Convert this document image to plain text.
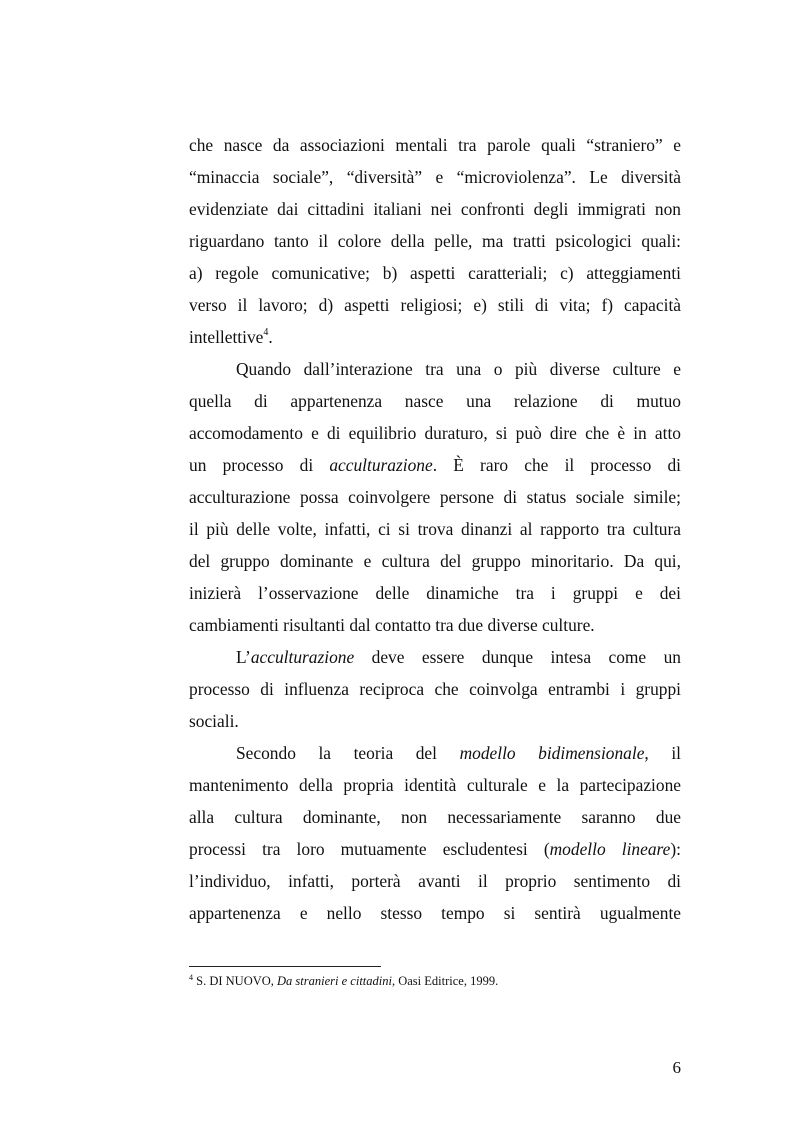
che nasce da associazioni mentali tra parole quali “straniero” e
“minaccia sociale”, “diversità” e “microviolenza”. Le diversità
evidenziate dai cittadini italiani nei confronti degli immigrati non
riguardano tanto il colore della pelle, ma tratti psicologici quali:
a) regole comunicative; b) aspetti caratteriali; c) atteggiamenti
verso il lavoro; d) aspetti religiosi; e) stili di vita; f) capacità
intellettive$^4$.
Quando dall’interazione tra una o più diverse culture e
quella di appartenenza nasce una relazione di mutuo
accomodamento e di equilibrio duraturo, si può dire che è in atto
un processo di acculturazione. È raro che il processo di
acculturazione possa coinvolgere persone di status sociale simile;
il più delle volte, infatti, ci si trova dinanzi al rapporto tra cultura
del gruppo dominante e cultura del gruppo minoritario. Da qui,
inizierà l’osservazione delle dinamiche tra i gruppi e dei
cambiamenti risultanti dal contatto tra due diverse culture.
L’acculturazione deve essere dunque intesa come un
processo di influenza reciproca che coinvolga entrambi i gruppi
sociali.
Secondo la teoria del modello bidimensionale, il
mantenimento della propria identità culturale e la partecipazione
alla cultura dominante, non necessariamente saranno due
processi tra loro mutuamente escludentesi (modello lineare):
l’individuo, infatti, porterà avanti il proprio sentimento di
appartenenza e nello stesso tempo si sentirà ugualmente
$^4$ S. DI NUOVO, Da stranieri e cittadini, Oasi Editrice, 1999.
6
